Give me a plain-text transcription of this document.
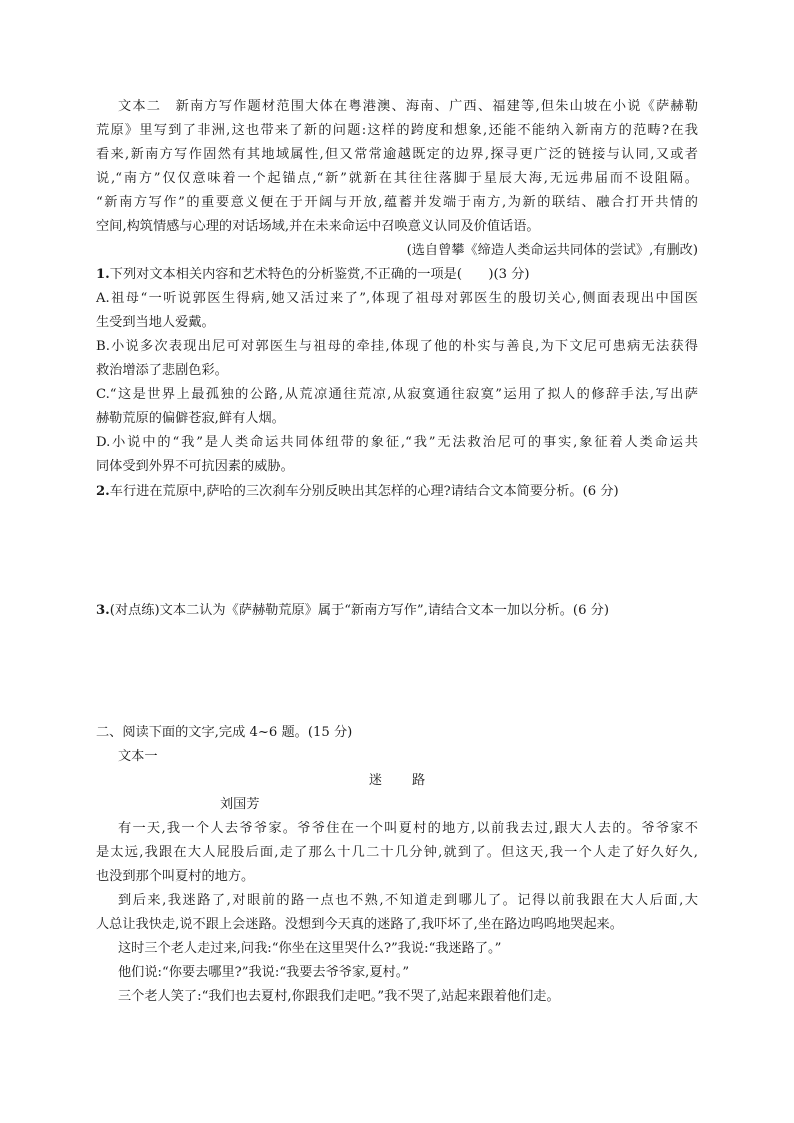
文本二　新南方写作题材范围大体在粤港澳、海南、广西、福建等,但朱山坡在小说《萨赫勒
荒原》里写到了非洲,这也带来了新的问题:这样的跨度和想象,还能不能纳入新南方的范畴?在我
看来,新南方写作固然有其地域属性,但又常常逾越既定的边界,探寻更广泛的链接与认同,又或者
说,“南方”仅仅意味着一个起锚点,“新”就新在其往往落脚于星辰大海,无远弗届而不设阻隔。
“新南方写作”的重要意义便在于开阔与开放,蕴蓄并发端于南方,为新的联结、融合打开共情的
空间,构筑情感与心理的对话场域,并在未来命运中召唤意义认同及价值话语。
(选自曾攀《缔造人类命运共同体的尝试》,有删改)
1.下列对文本相关内容和艺术特色的分析鉴赏,不正确的一项是(　　)(3 分)
A.祖母“一听说郭医生得病,她又活过来了”,体现了祖母对郭医生的殷切关心,侧面表现出中国医
生受到当地人爱戴。
B.小说多次表现出尼可对郭医生与祖母的牵挂,体现了他的朴实与善良,为下文尼可患病无法获得
救治增添了悲剧色彩。
C.“这是世界上最孤独的公路,从荒凉通往荒凉,从寂寞通往寂寞”运用了拟人的修辞手法,写出萨
赫勒荒原的偏僻苍寂,鲜有人烟。
D.小说中的“我”是人类命运共同体纽带的象征,“我”无法救治尼可的事实,象征着人类命运共
同体受到外界不可抗因素的威胁。
2.车行进在荒原中,萨哈的三次刹车分别反映出其怎样的心理?请结合文本简要分析。(6 分)
3.(对点练)文本二认为《萨赫勒荒原》属于“新南方写作”,请结合文本一加以分析。(6 分)
二、阅读下面的文字,完成 4~6 题。(15 分)
文本一
迷路
刘国芳
有一天,我一个人去爷爷家。爷爷住在一个叫夏村的地方,以前我去过,跟大人去的。爷爷家不
是太远,我跟在大人屁股后面,走了那么十几二十几分钟,就到了。但这天,我一个人走了好久好久,
也没到那个叫夏村的地方。
到后来,我迷路了,对眼前的路一点也不熟,不知道走到哪儿了。记得以前我跟在大人后面,大
人总让我快走,说不跟上会迷路。没想到今天真的迷路了,我吓坏了,坐在路边呜呜地哭起来。
这时三个老人走过来,问我:“你坐在这里哭什么?”我说:“我迷路了。”
他们说:“你要去哪里?”我说:“我要去爷爷家,夏村。”
三个老人笑了:“我们也去夏村,你跟我们走吧。”我不哭了,站起来跟着他们走。
